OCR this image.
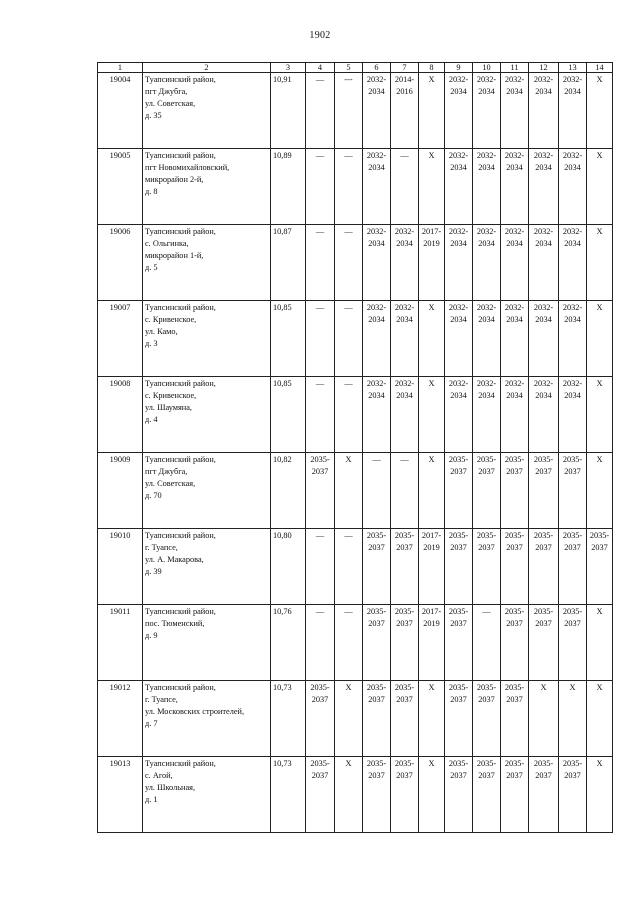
1902
1	2	3	4	5	6	7	8	9	10	11	12	13	14
19004	Туапсинский район,
пгт Джубга,
ул. Советская,
д. 35	10,91	—	---	2032-
2034	2014-
2016	Х	2032-
2034	2032-
2034	2032-
2034	2032-
2034	2032-
2034	Х
19005	Туапсинский район,
пгт Новомихайловский,
микрорайон 2-й,
д. 8	10,89	—	—	2032-
2034	—	Х	2032-
2034	2032-
2034	2032-
2034	2032-
2034	2032-
2034	Х
19006	Туапсинский район,
с. Ольгинка,
микрорайон 1-й,
д. 5	10,87	—	—	2032-
2034	2032-
2034	2017-
2019	2032-
2034	2032-
2034	2032-
2034	2032-
2034	2032-
2034	Х
19007	Туапсинский район,
с. Кривенское,
ул. Камо,
д. 3	10,85	—	—	2032-
2034	2032-
2034	Х	2032-
2034	2032-
2034	2032-
2034	2032-
2034	2032-
2034	Х
19008	Туапсинский район,
с. Кривенское,
ул. Шаумяна,
д. 4	10,85	—	—	2032-
2034	2032-
2034	Х	2032-
2034	2032-
2034	2032-
2034	2032-
2034	2032-
2034	Х
19009	Туапсинский район,
пгт Джубга,
ул. Советская,
д. 70	10,82	2035-
2037	Х	—	—	Х	2035-
2037	2035-
2037	2035-
2037	2035-
2037	2035-
2037	Х
19010	Туапсинский район,
г. Туапсе,
ул. А. Макарова,
д. 39	10,80	—	—	2035-
2037	2035-
2037	2017-
2019	2035-
2037	2035-
2037	2035-
2037	2035-
2037	2035-
2037	2035-
2037

19011	Туапсинский район,
пос. Тюменский,
д. 9	10,76	—	—	2035-
2037	2035-
2037	2017-
2019	2035-
2037	—	2035-
2037	2035-
2037	2035-
2037	Х
19012	Туапсинский район,
г. Туапсе,
ул. Московских строителей,
д. 7	10,73	2035-
2037	Х	2035-
2037	2035-
2037	Х	2035-
2037	2035-
2037	2035-
2037	Х	Х	Х
19013	Туапсинский район,
с. Агой,
ул. Школьная,
д. 1	10,73	2035-
2037	Х	2035-
2037	2035-
2037	Х	2035-
2037	2035-
2037	2035-
2037	2035-
2037	2035-
2037	Х
